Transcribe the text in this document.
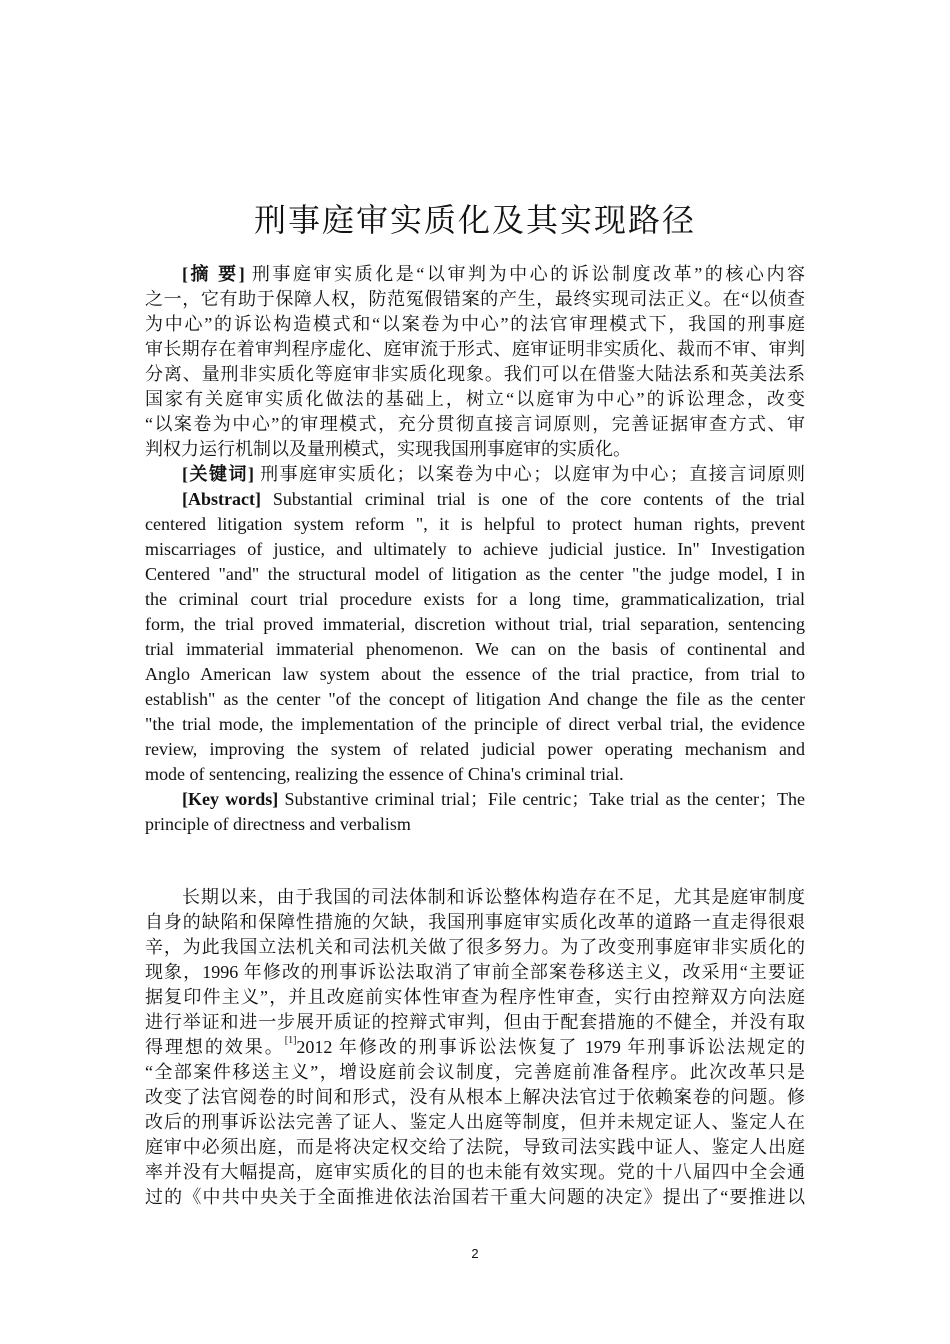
刑事庭审实质化及其实现路径
[摘 要] 刑事庭审实质化是“以审判为中心的诉讼制度改革”的核心内容
之一，它有助于保障人权，防范冤假错案的产生，最终实现司法正义。在“以侦查
为中心”的诉讼构造模式和“以案卷为中心”的法官审理模式下，我国的刑事庭
审长期存在着审判程序虚化、庭审流于形式、庭审证明非实质化、裁而不审、审判
分离、量刑非实质化等庭审非实质化现象。我们可以在借鉴大陆法系和英美法系
国家有关庭审实质化做法的基础上，树立“以庭审为中心”的诉讼理念，改变
“以案卷为中心”的审理模式，充分贯彻直接言词原则，完善证据审查方式、审
判权力运行机制以及量刑模式，实现我国刑事庭审的实质化。
[关键词] 刑事庭审实质化；以案卷为中心；以庭审为中心；直接言词原则
[Abstract] Substantial criminal trial is one of the core contents of the trial
centered litigation system reform ", it is helpful to protect human rights, prevent
miscarriages of justice, and ultimately to achieve judicial justice. In" Investigation
Centered "and" the structural model of litigation as the center "the judge model, I in
the criminal court trial procedure exists for a long time, grammaticalization, trial
form, the trial proved immaterial, discretion without trial, trial separation, sentencing
trial immaterial immaterial phenomenon. We can on the basis of continental and
Anglo American law system about the essence of the trial practice, from trial to
establish" as the center "of the concept of litigation And change the file as the center
"the trial mode, the implementation of the principle of direct verbal trial, the evidence
review, improving the system of related judicial power operating mechanism and
mode of sentencing, realizing the essence of China's criminal trial.
[Key words] Substantive criminal trial；File centric；Take trial as the center；The
principle of directness and verbalism
长期以来，由于我国的司法体制和诉讼整体构造存在不足，尤其是庭审制度
自身的缺陷和保障性措施的欠缺，我国刑事庭审实质化改革的道路一直走得很艰
辛，为此我国立法机关和司法机关做了很多努力。为了改变刑事庭审非实质化的
现象，1996 年修改的刑事诉讼法取消了审前全部案卷移送主义，改采用“主要证
据复印件主义”，并且改庭前实体性审查为程序性审查，实行由控辩双方向法庭
进行举证和进一步展开质证的控辩式审判，但由于配套措施的不健全，并没有取
得理想的效果。[1]2012 年修改的刑事诉讼法恢复了 1979 年刑事诉讼法规定的
“全部案件移送主义”，增设庭前会议制度，完善庭前准备程序。此次改革只是
改变了法官阅卷的时间和形式，没有从根本上解决法官过于依赖案卷的问题。修
改后的刑事诉讼法完善了证人、鉴定人出庭等制度，但并未规定证人、鉴定人在
庭审中必须出庭，而是将决定权交给了法院，导致司法实践中证人、鉴定人出庭
率并没有大幅提高，庭审实质化的目的也未能有效实现。党的十八届四中全会通
过的《中共中央关于全面推进依法治国若干重大问题的决定》提出了“要推进以
2
